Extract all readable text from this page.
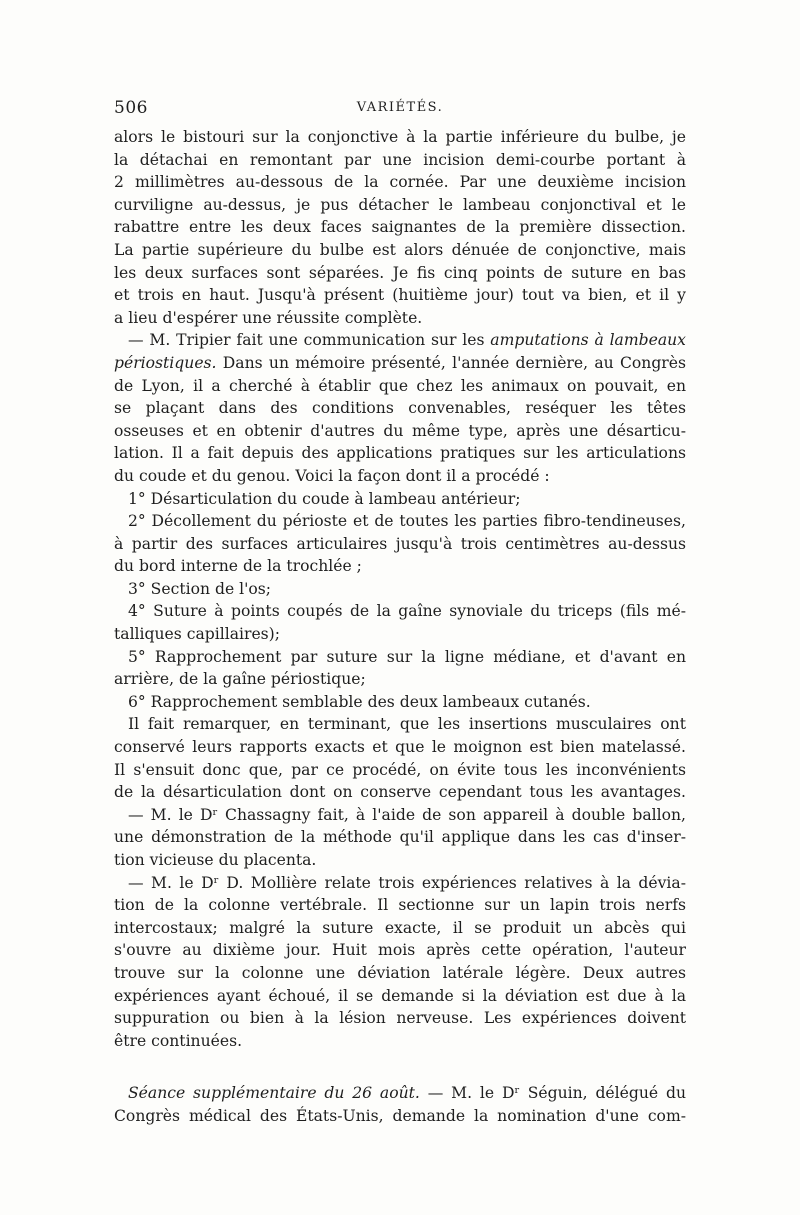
506	VARIÉTÉS.
alors le bistouri sur la conjonctive à la partie inférieure du bulbe, je
la détachai en remontant par une incision demi-courbe portant à
2 millimètres au-dessous de la cornée. Par une deuxième incision
curviligne au-dessus, je pus détacher le lambeau conjonctival et le
rabattre entre les deux faces saignantes de la première dissection.
La partie supérieure du bulbe est alors dénuée de conjonctive, mais
les deux surfaces sont séparées. Je fis cinq points de suture en bas
et trois en haut. Jusqu'à présent (huitième jour) tout va bien, et il y
a lieu d'espérer une réussite complète.
— M. Tripier fait une communication sur les amputations à lambeaux
périostiques. Dans un mémoire présenté, l'année dernière, au Congrès
de Lyon, il a cherché à établir que chez les animaux on pouvait, en
se plaçant dans des conditions convenables, reséquer les têtes
osseuses et en obtenir d'autres du même type, après une désarticu-
lation. Il a fait depuis des applications pratiques sur les articulations
du coude et du genou. Voici la façon dont il a procédé :
1° Désarticulation du coude à lambeau antérieur;
2° Décollement du périoste et de toutes les parties fibro-tendineuses,
à partir des surfaces articulaires jusqu'à trois centimètres au-dessus
du bord interne de la trochlée ;
3° Section de l'os;
4° Suture à points coupés de la gaîne synoviale du triceps (fils mé-
talliques capillaires);
5° Rapprochement par suture sur la ligne médiane, et d'avant en
arrière, de la gaîne périostique;
6° Rapprochement semblable des deux lambeaux cutanés.
Il fait remarquer, en terminant, que les insertions musculaires ont
conservé leurs rapports exacts et que le moignon est bien matelassé.
Il s'ensuit donc que, par ce procédé, on évite tous les inconvénients
de la désarticulation dont on conserve cependant tous les avantages.
— M. le Dʳ Chassagny fait, à l'aide de son appareil à double ballon,
une démonstration de la méthode qu'il applique dans les cas d'inser-
tion vicieuse du placenta.
— M. le Dʳ D. Mollière relate trois expériences relatives à la dévia-
tion de la colonne vertébrale. Il sectionne sur un lapin trois nerfs
intercostaux; malgré la suture exacte, il se produit un abcès qui
s'ouvre au dixième jour. Huit mois après cette opération, l'auteur
trouve sur la colonne une déviation latérale légère. Deux autres
expériences ayant échoué, il se demande si la déviation est due à la
suppuration ou bien à la lésion nerveuse. Les expériences doivent
être continuées.
Séance supplémentaire du 26 août. — M. le Dʳ Séguin, délégué du
Congrès médical des États-Unis, demande la nomination d'une com-
